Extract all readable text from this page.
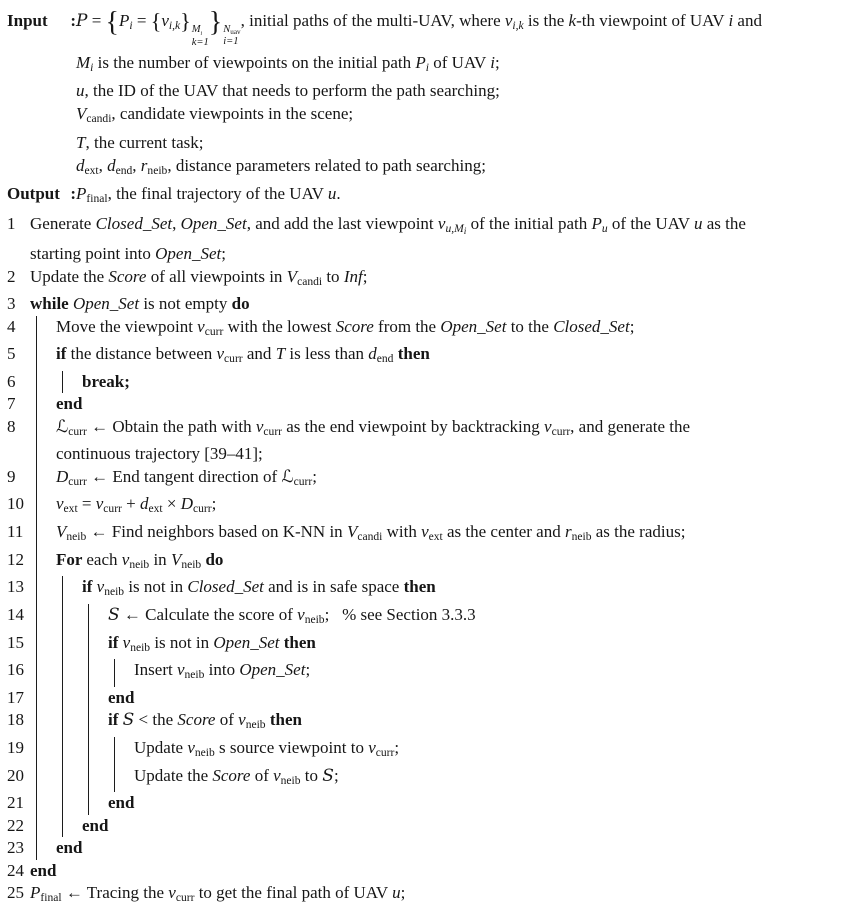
Input : P = {Pi = {vi,k} $M_i$
k=1
} $N_{uav}$
i=1
, initial paths of the multi-UAV, where vi,k is the k-th viewpoint of UAV i and
Mi is the number of viewpoints on the initial path Pi of UAV i;
u, the ID of the UAV that needs to perform the path searching;
$V_{candi}$, candidate viewpoints in the scene;
T, the current task;
$d_{ext}$, $d_{end}$, $r_{neib}$, distance parameters related to path searching;
Output : $P_{final}$, the final trajectory of the UAV u.
1 Generate Closed_Set, Open_Set, and add the last viewpoint $vu,M_i$ of the initial path Pu of the UAV u as the
starting point into Open_Set;
2 Update the Score of all viewpoints in $V_{candi}$ to Inf;
3 while Open_Set is not empty do
4 Move the viewpoint $v_{curr}$ with the lowest Score from the Open_Set to the Closed_Set;
5 if the distance between $v_{curr}$ and T is less than $d_{end}$ then
6	break;
7 end
8 ℒ$_{curr}$ ← Obtain the path with $v_{curr}$ as the end viewpoint by backtracking $v_{curr}$, and generate the
continuous trajectory [39–41];
9 $D_{curr}$ ← End tangent direction of ℒ$_{curr}$;
10 $v_{ext} = v_{curr} + d_{ext} \times D_{curr}$;
11 $V_{neib}$ ← Find neighbors based on K-NN in $V_{candi}$ with $v_{ext}$ as the center and $r_{neib}$ as the radius;
12 For each $v_{neib}$ in $V_{neib}$ do
13	if $v_{neib}$ is not in Closed_Set and is in safe space then
14	S ← Calculate the score of $v_{neib}$;   % see Section 3.3.3
15	if $v_{neib}$ is not in Open_Set then
16	Insert $v_{neib}$ into Open_Set;
17	end
18	if S < the Score of $v_{neib}$ then
19	Update $v_{neib}$ s source viewpoint to $v_{curr}$;
20	Update the Score of $v_{neib}$ to S;
21	end
22	end
23 end
24 end
25 $P_{final}$ ← Tracing the $v_{curr}$ to get the final path of UAV u;
